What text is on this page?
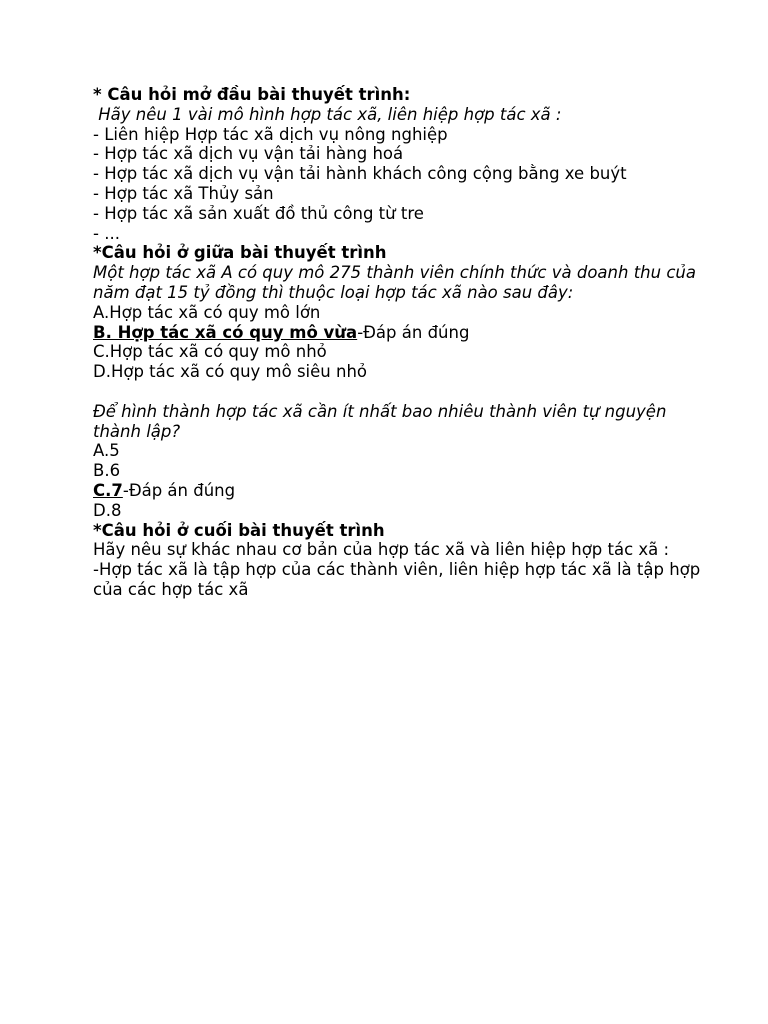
* Câu hỏi mở đầu bài thuyết trình:
Hãy nêu 1 vài mô hình hợp tác xã, liên hiệp hợp tác xã :
- Liên hiệp Hợp tác xã dịch vụ nông nghiệp
- Hợp tác xã dịch vụ vận tải hàng hoá
- Hợp tác xã dịch vụ vận tải hành khách công cộng bằng xe buýt
- Hợp tác xã Thủy sản
- Hợp tác xã sản xuất đồ thủ công từ tre
- ...
*Câu hỏi ở giữa bài thuyết trình
Một hợp tác xã A có quy mô 275 thành viên chính thức và doanh thu của năm đạt 15 tỷ đồng thì thuộc loại hợp tác xã nào sau đây:
A.Hợp tác xã có quy mô lớn
B. Hợp tác xã có quy mô vừa-Đáp án đúng
C.Hợp tác xã có quy mô nhỏ
D.Hợp tác xã có quy mô siêu nhỏ
Để hình thành hợp tác xã cần ít nhất bao nhiêu thành viên tự nguyện thành lập?
A.5
B.6
C.7-Đáp án đúng
D.8
*Câu hỏi ở cuối bài thuyết trình
Hãy nêu sự khác nhau cơ bản của hợp tác xã và liên hiệp hợp tác xã :
-Hợp tác xã là tập hợp của các thành viên, liên hiệp hợp tác xã là tập hợp của các hợp tác xã
